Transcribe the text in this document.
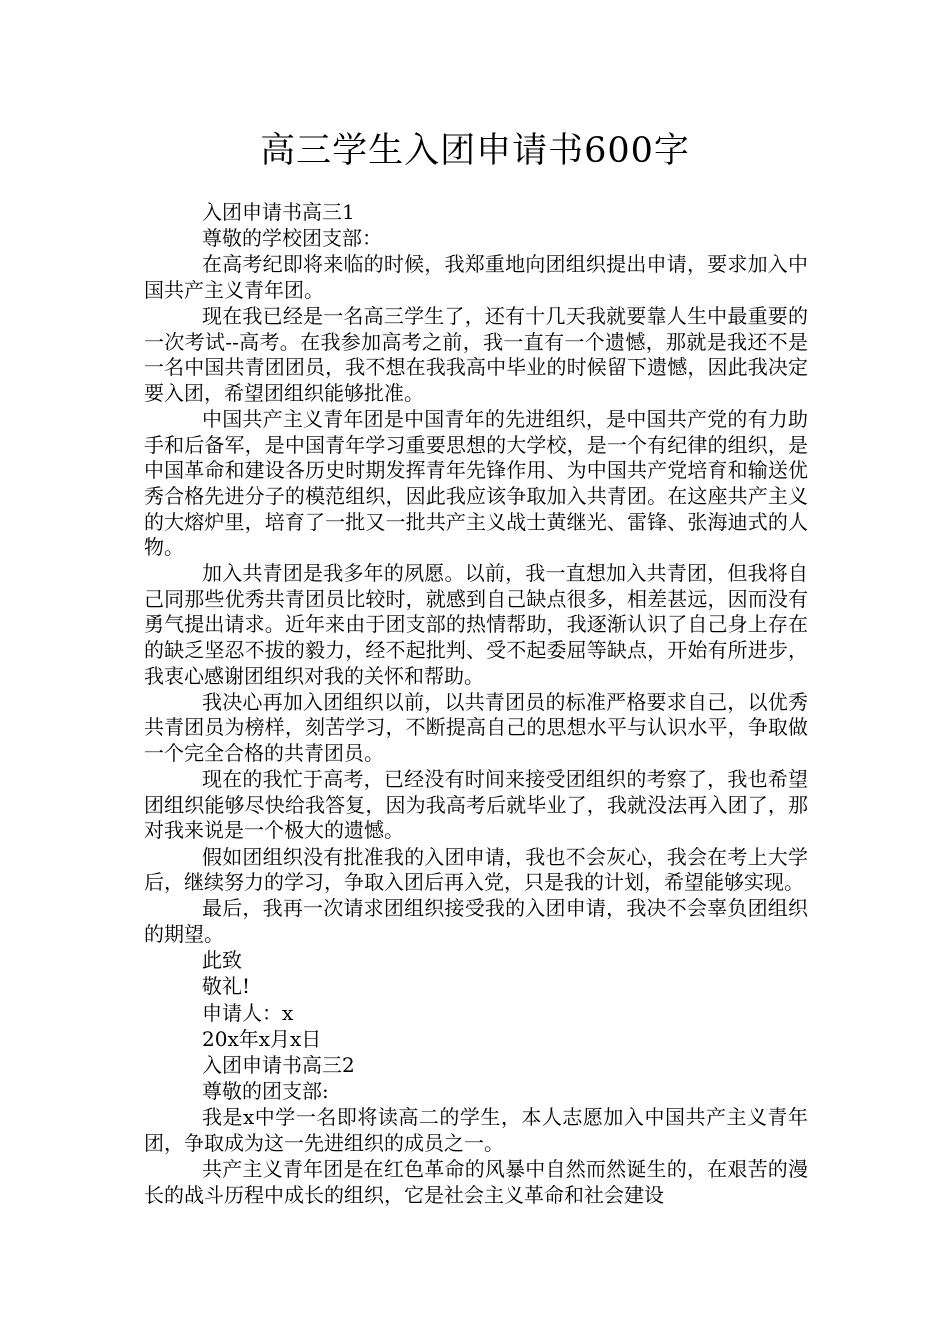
高三学生入团申请书600字

入团申请书高三1

尊敬的学校团支部：

在高考纪即将来临的时候，我郑重地向团组织提出申请，要求加入中国共产主义青年团。

现在我已经是一名高三学生了，还有十几天我就要靠人生中最重要的一次考试--高考。在我参加高考之前，我一直有一个遗憾，那就是我还不是一名中国共青团团员，我不想在我我高中毕业的时候留下遗憾，因此我决定要入团，希望团组织能够批准。

中国共产主义青年团是中国青年的先进组织，是中国共产党的有力助手和后备军，是中国青年学习重要思想的大学校，是一个有纪律的组织，是中国革命和建设各历史时期发挥青年先锋作用、为中国共产党培育和输送优秀合格先进分子的模范组织，因此我应该争取加入共青团。在这座共产主义的大熔炉里，培育了一批又一批共产主义战士黄继光、雷锋、张海迪式的人物。

加入共青团是我多年的夙愿。以前，我一直想加入共青团，但我将自己同那些优秀共青团员比较时，就感到自己缺点很多，相差甚远，因而没有勇气提出请求。近年来由于团支部的热情帮助，我逐渐认识了自己身上存在的缺乏坚忍不拔的毅力，经不起批判、受不起委屈等缺点，开始有所进步，我衷心感谢团组织对我的关怀和帮助。

我决心再加入团组织以前，以共青团员的标准严格要求自己，以优秀共青团员为榜样，刻苦学习，不断提高自己的思想水平与认识水平，争取做一个完全合格的共青团员。

现在的我忙于高考，已经没有时间来接受团组织的考察了，我也希望团组织能够尽快给我答复，因为我高考后就毕业了，我就没法再入团了，那对我来说是一个极大的遗憾。

假如团组织没有批准我的入团申请，我也不会灰心，我会在考上大学后，继续努力的学习，争取入团后再入党，只是我的计划，希望能够实现。

最后，我再一次请求团组织接受我的入团申请，我决不会辜负团组织的期望。

此致

敬礼!

申请人：x

20x年x月x日

入团申请书高三2

尊敬的团支部:

我是x中学一名即将读高二的学生，本人志愿加入中国共产主义青年团，争取成为这一先进组织的成员之一。

共产主义青年团是在红色革命的风暴中自然而然诞生的，在艰苦的漫长的战斗历程中成长的组织，它是社会主义革命和社会建设
